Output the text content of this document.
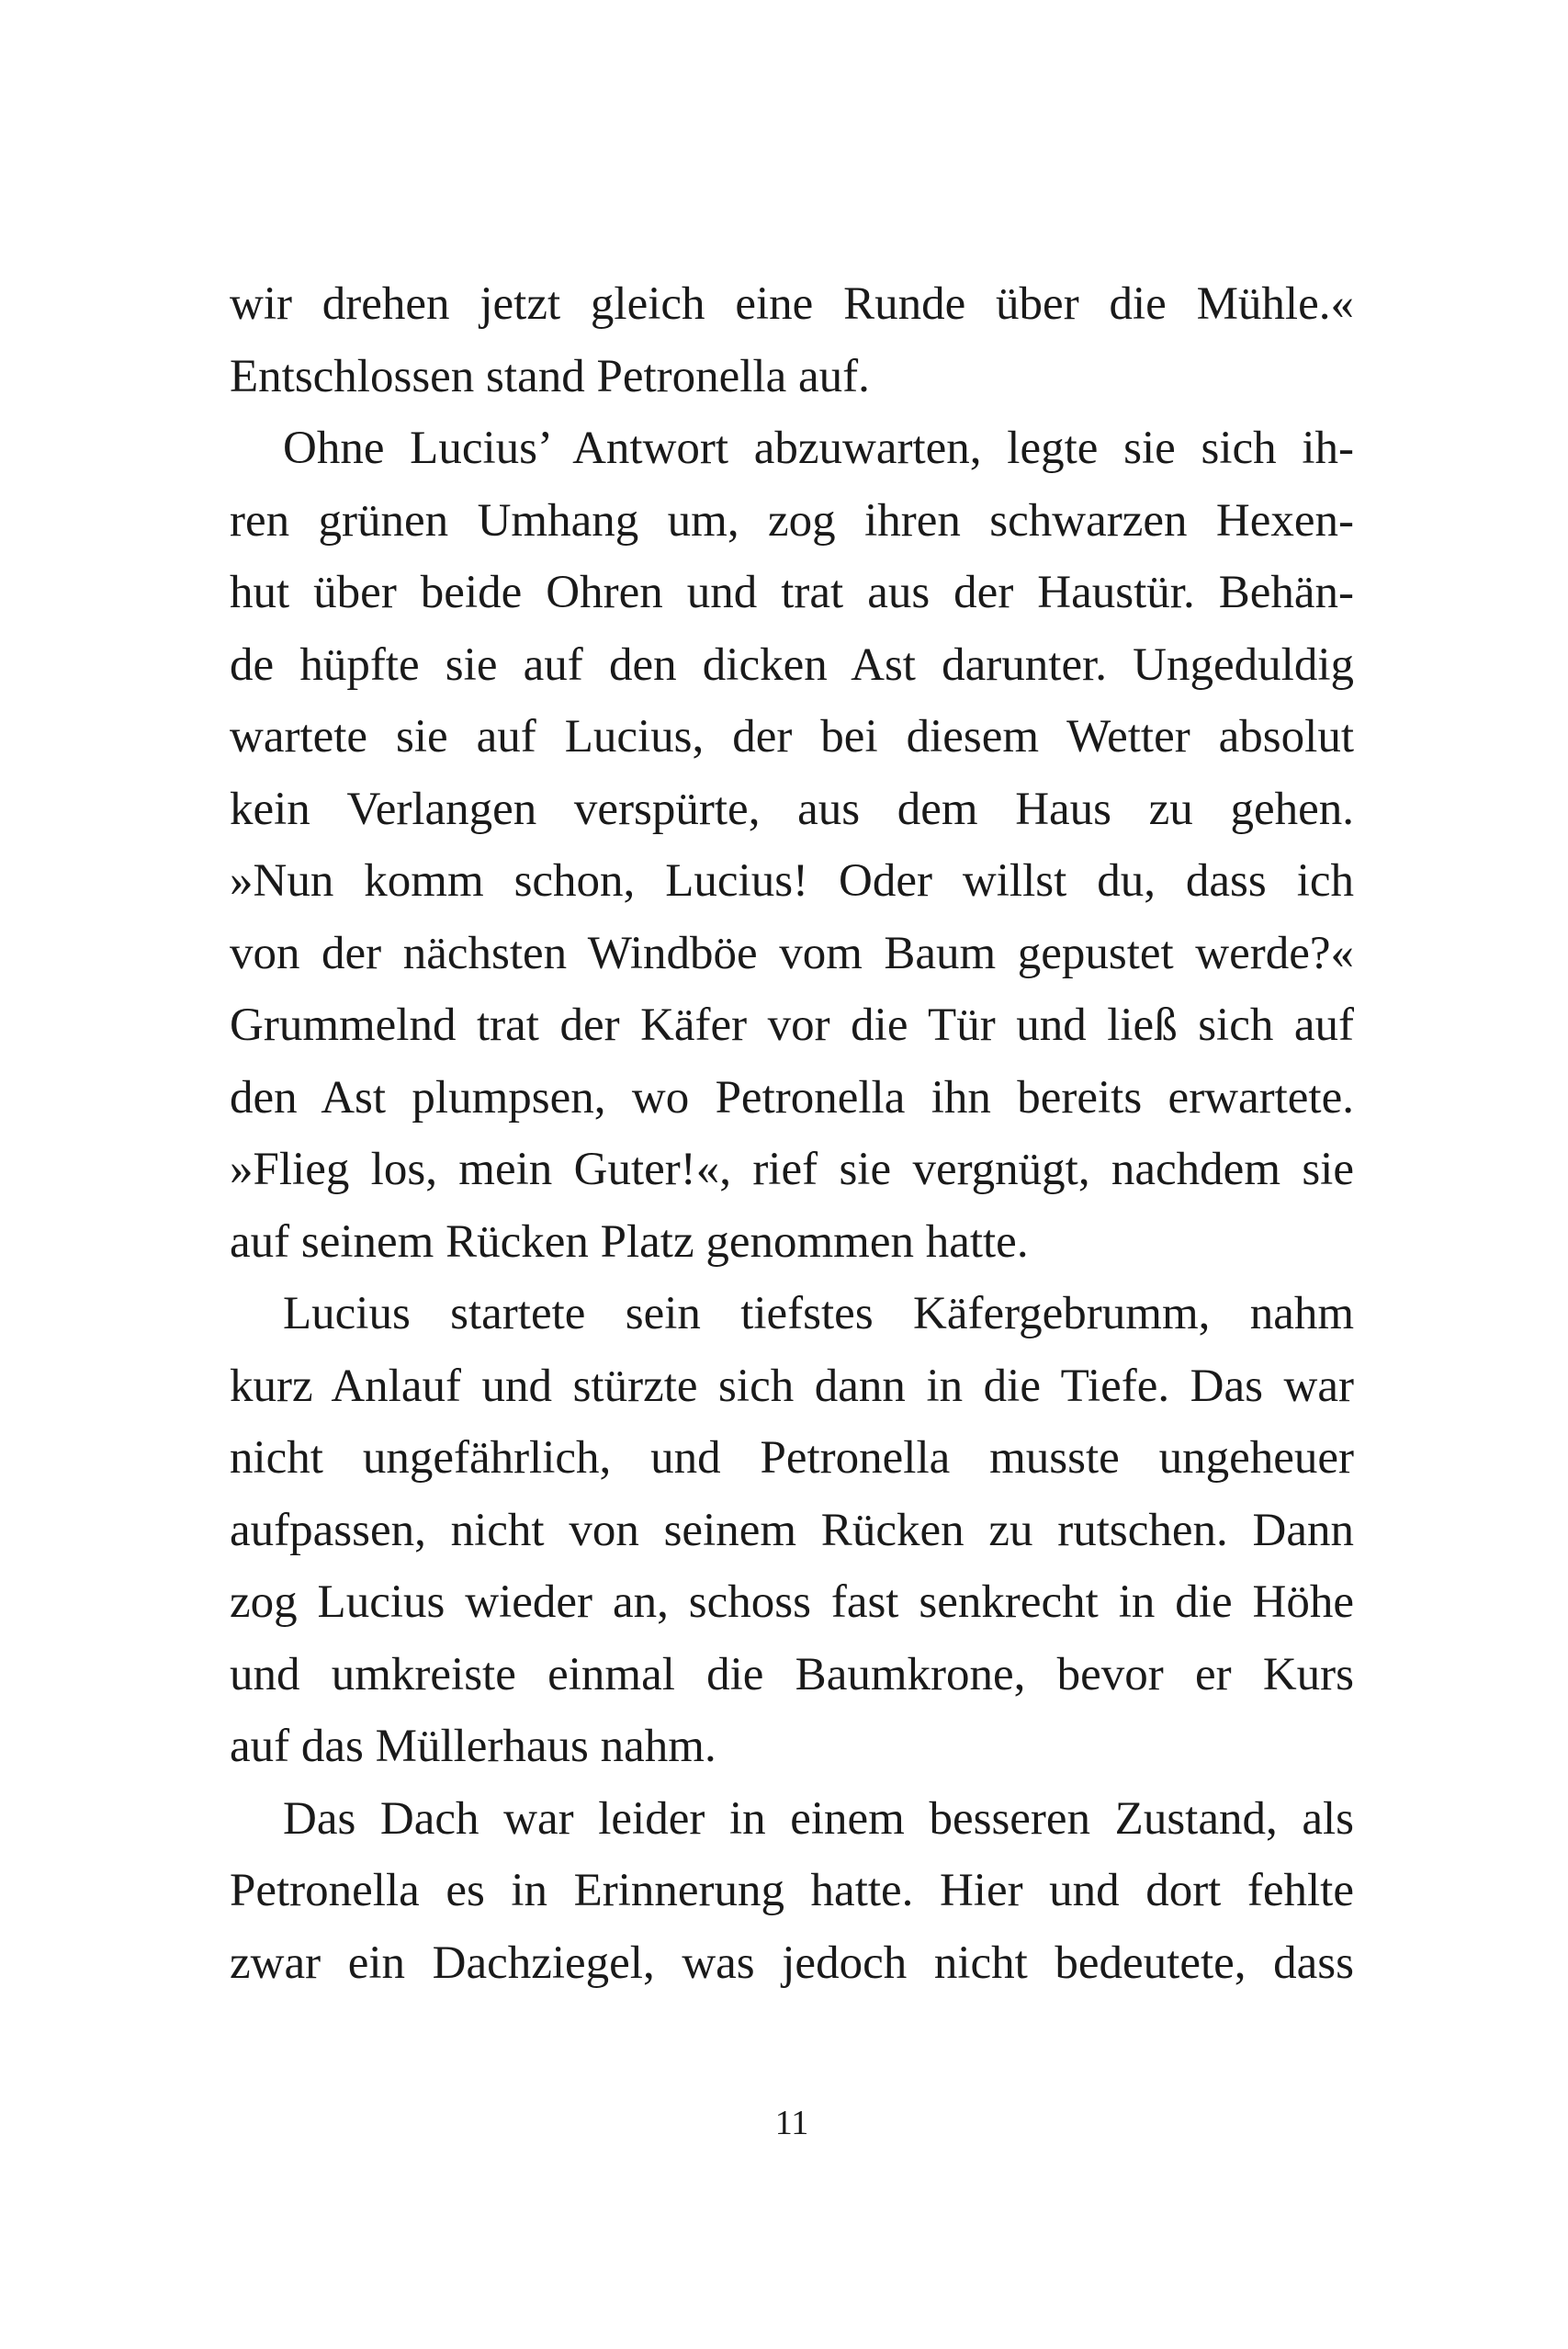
wir drehen jetzt gleich eine Runde über die Mühle.«
Entschlossen stand Petronella auf.
Ohne Lucius’ Antwort abzuwarten, legte sie sich ih-
ren grünen Umhang um, zog ihren schwarzen Hexen-
hut über beide Ohren und trat aus der Haustür. Behän-
de hüpfte sie auf den dicken Ast darunter. Ungeduldig
wartete sie auf Lucius, der bei diesem Wetter absolut
kein Verlangen verspürte, aus dem Haus zu gehen.
»Nun komm schon, Lucius! Oder willst du, dass ich
von der nächsten Windböe vom Baum gepustet werde?«
Grummelnd trat der Käfer vor die Tür und ließ sich auf
den Ast plumpsen, wo Petronella ihn bereits erwartete.
»Flieg los, mein Guter!«, rief sie vergnügt, nachdem sie
auf seinem Rücken Platz genommen hatte.
Lucius startete sein tiefstes Käfergebrumm, nahm
kurz Anlauf und stürzte sich dann in die Tiefe. Das war
nicht ungefährlich, und Petronella musste ungeheuer
aufpassen, nicht von seinem Rücken zu rutschen. Dann
zog Lucius wieder an, schoss fast senkrecht in die Höhe
und umkreiste einmal die Baumkrone, bevor er Kurs
auf das Müllerhaus nahm.
Das Dach war leider in einem besseren Zustand, als
Petronella es in Erinnerung hatte. Hier und dort fehlte
zwar ein Dachziegel, was jedoch nicht bedeutete, dass
11
